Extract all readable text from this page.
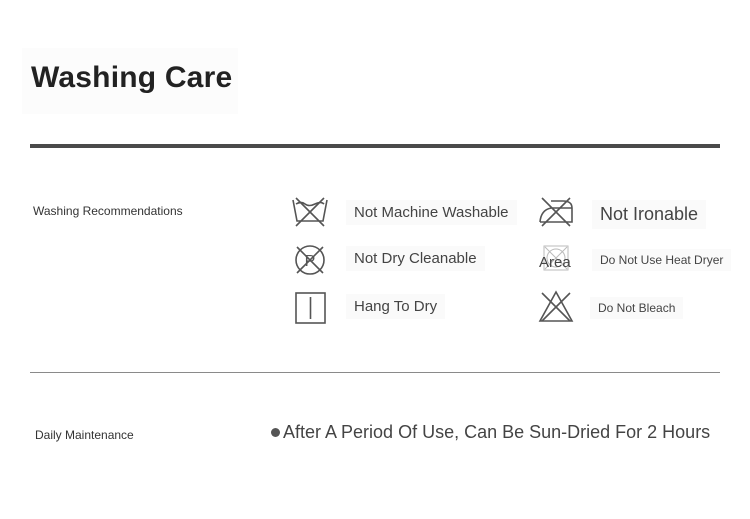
Washing Care
Washing Recommendations
P
Not Machine Washable
Not Dry Cleanable
Hang To Dry
Area
Not Ironable
Do Not Use Heat Dryer
Do Not Bleach
Daily Maintenance	After A Period Of Use, Can Be Sun-Dried For 2 Hours
